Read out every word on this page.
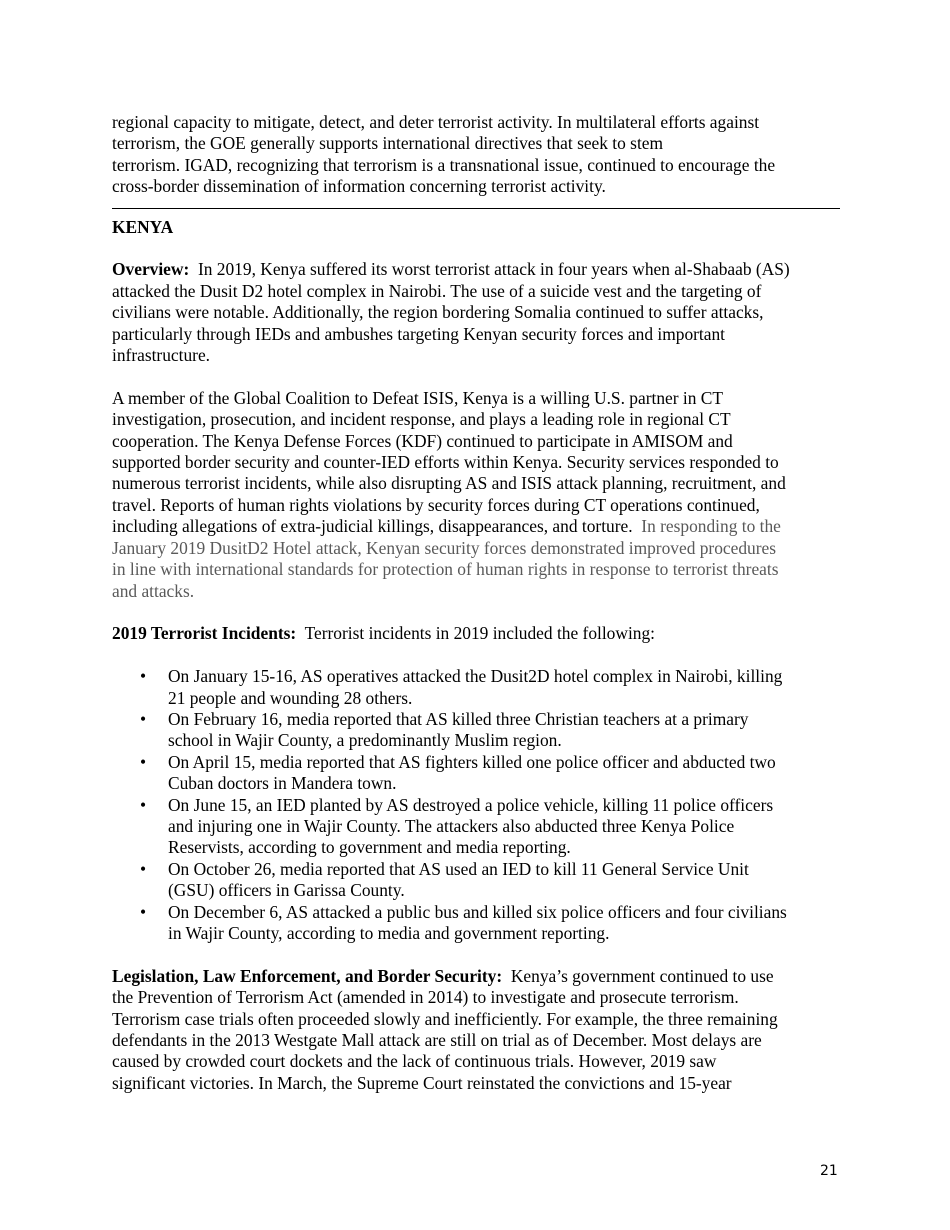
regional capacity to mitigate, detect, and deter terrorist activity. In multilateral efforts against
terrorism, the GOE generally supports international directives that seek to stem
terrorism. IGAD, recognizing that terrorism is a transnational issue, continued to encourage the
cross-border dissemination of information concerning terrorist activity.

KENYA

Overview:  In 2019, Kenya suffered its worst terrorist attack in four years when al-Shabaab (AS)
attacked the Dusit D2 hotel complex in Nairobi. The use of a suicide vest and the targeting of
civilians were notable. Additionally, the region bordering Somalia continued to suffer attacks,
particularly through IEDs and ambushes targeting Kenyan security forces and important
infrastructure.

A member of the Global Coalition to Defeat ISIS, Kenya is a willing U.S. partner in CT
investigation, prosecution, and incident response, and plays a leading role in regional CT
cooperation. The Kenya Defense Forces (KDF) continued to participate in AMISOM and
supported border security and counter-IED efforts within Kenya. Security services responded to
numerous terrorist incidents, while also disrupting AS and ISIS attack planning, recruitment, and
travel. Reports of human rights violations by security forces during CT operations continued,
including allegations of extra-judicial killings, disappearances, and torture.  In responding to the
January 2019 DusitD2 Hotel attack, Kenyan security forces demonstrated improved procedures
in line with international standards for protection of human rights in response to terrorist threats
and attacks.

2019 Terrorist Incidents:  Terrorist incidents in 2019 included the following:

• On January 15-16, AS operatives attacked the Dusit2D hotel complex in Nairobi, killing
21 people and wounding 28 others.
• On February 16, media reported that AS killed three Christian teachers at a primary
school in Wajir County, a predominantly Muslim region.
• On April 15, media reported that AS fighters killed one police officer and abducted two
Cuban doctors in Mandera town.
• On June 15, an IED planted by AS destroyed a police vehicle, killing 11 police officers
and injuring one in Wajir County. The attackers also abducted three Kenya Police
Reservists, according to government and media reporting.
• On October 26, media reported that AS used an IED to kill 11 General Service Unit
(GSU) officers in Garissa County.
• On December 6, AS attacked a public bus and killed six police officers and four civilians
in Wajir County, according to media and government reporting.

Legislation, Law Enforcement, and Border Security:  Kenya’s government continued to use
the Prevention of Terrorism Act (amended in 2014) to investigate and prosecute terrorism.
Terrorism case trials often proceeded slowly and inefficiently. For example, the three remaining
defendants in the 2013 Westgate Mall attack are still on trial as of December. Most delays are
caused by crowded court dockets and the lack of continuous trials. However, 2019 saw
significant victories. In March, the Supreme Court reinstated the convictions and 15-year

21
